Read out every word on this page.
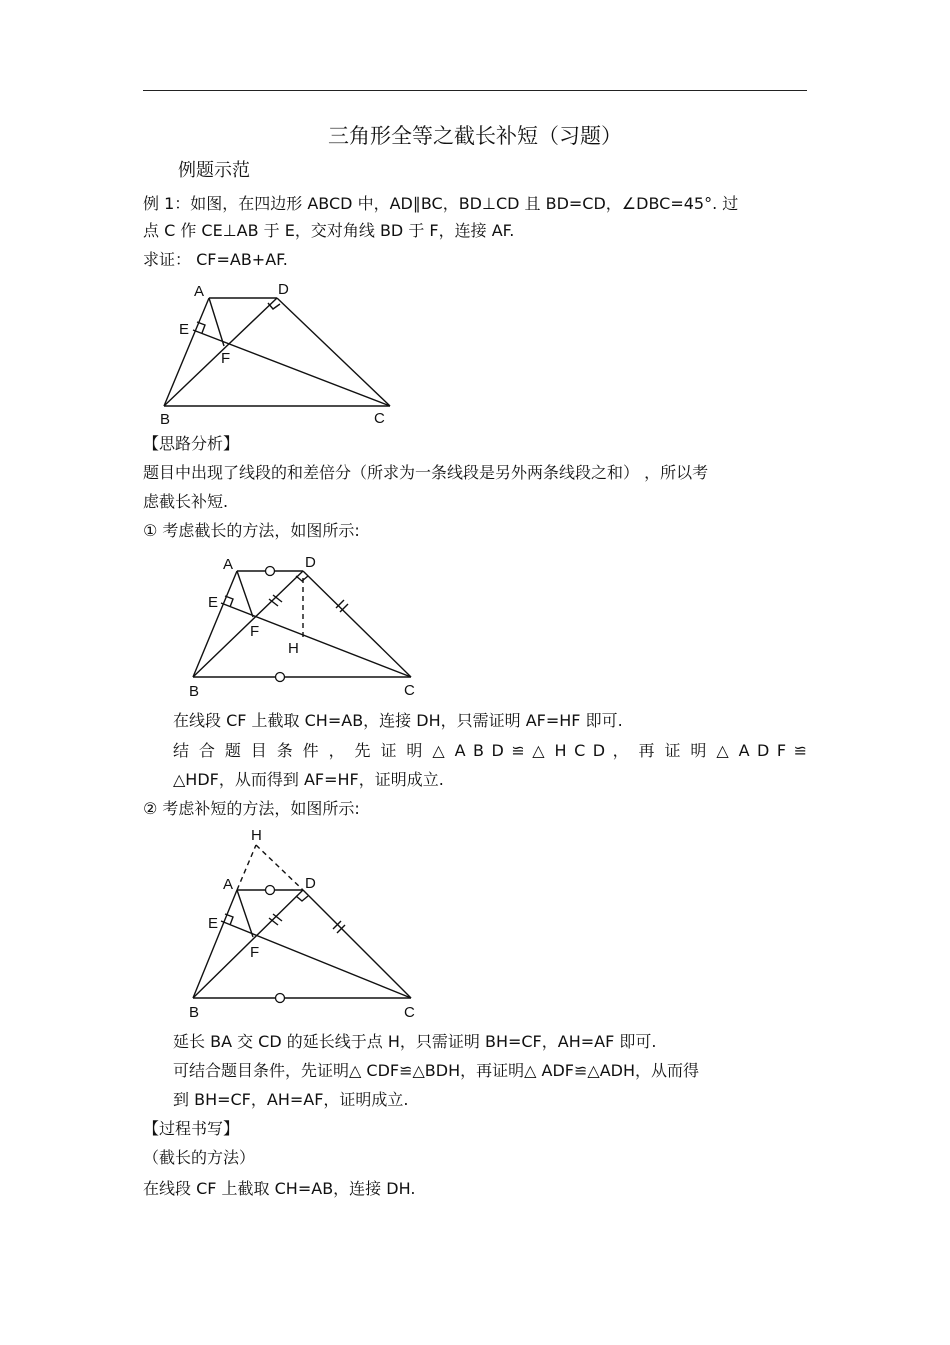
三角形全等之截长补短（习题）
例题示范
例 1：如图，在四边形 ABCD 中，AD∥BC，BD⊥CD 且 BD=CD，∠DBC=45°. 过
点 C 作 CE⊥AB 于 E，交对角线 BD 于 F，连接 AF.
求证： CF=AB+AF.
A	D
E
F
B	C
【思路分析】
题目中出现了线段的和差倍分（所求为一条线段是另外两条线段之和） ，所以考
虑截长补短.
① 考虑截长的方法，如图所示:
A	D
E
F
H
B	C
在线段 CF 上截取 CH=AB，连接 DH，只需证明 AF=HF 即可.
结 合 题 目 条 件 ， 先 证 明 △ A B D ≌ △ H C D ， 再 证 明 △ A D F ≌
△HDF，从而得到 AF=HF，证明成立.
② 考虑补短的方法，如图所示:
H
A	D
E
F
B	C
延长 BA 交 CD 的延长线于点 H，只需证明 BH=CF，AH=AF 即可.
可结合题目条件，先证明△ CDF≌△BDH，再证明△ ADF≌△ADH，从而得
到 BH=CF，AH=AF，证明成立.
【过程书写】
（截长的方法）
在线段 CF 上截取 CH=AB，连接 DH.
